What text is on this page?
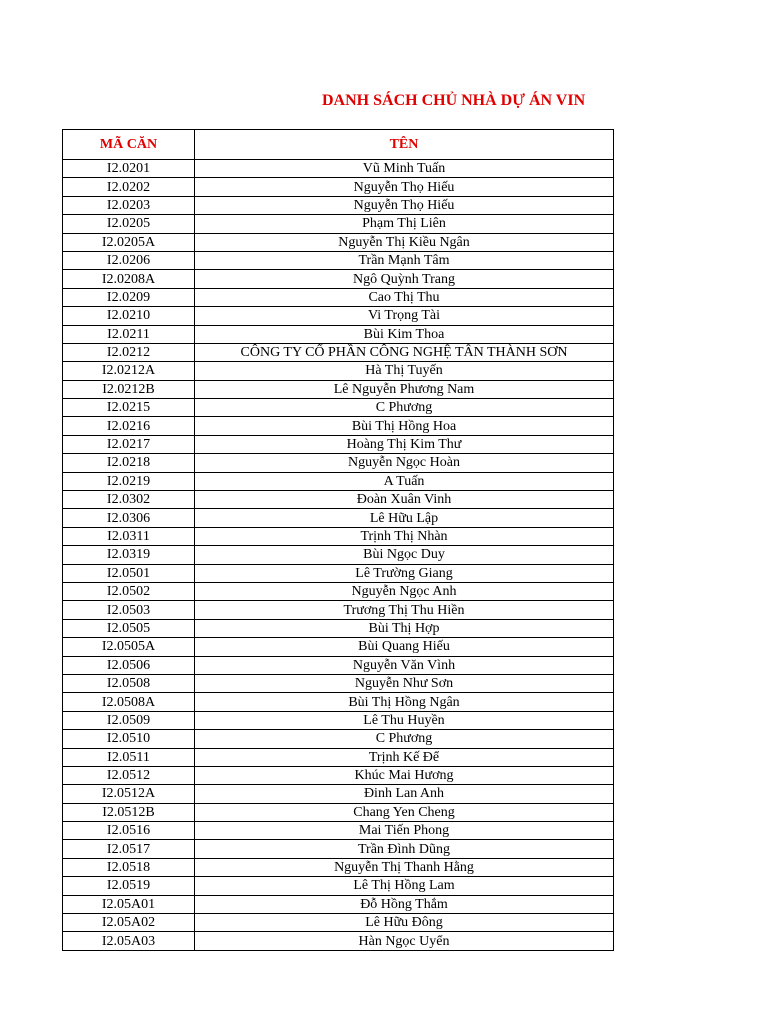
DANH SÁCH CHỦ NHÀ DỰ ÁN VIN
MÃ CĂN	TÊN
I2.0201	Vũ Minh Tuấn
I2.0202	Nguyễn Thọ Hiếu
I2.0203	Nguyễn Thọ Hiếu
I2.0205	Phạm Thị Liên
I2.0205A	Nguyễn Thị Kiều Ngân
I2.0206	Trần Mạnh Tâm
I2.0208A	Ngô Quỳnh Trang
I2.0209	Cao Thị Thu
I2.0210	Vi Trọng Tài
I2.0211	Bùi Kim Thoa
I2.0212	CÔNG TY CỔ PHẦN CÔNG NGHỆ TÂN THÀNH SƠN
I2.0212A	Hà Thị Tuyến
I2.0212B	Lê Nguyễn Phương Nam
I2.0215	C Phương
I2.0216	Bùi Thị Hồng Hoa
I2.0217	Hoàng Thị Kim Thư
I2.0218	Nguyễn Ngọc Hoàn
I2.0219	A Tuấn
I2.0302	Đoàn Xuân Vinh
I2.0306	Lê Hữu Lập
I2.0311	Trịnh Thị Nhàn
I2.0319	Bùi Ngọc Duy
I2.0501	Lê Trường Giang
I2.0502	Nguyễn Ngọc Anh
I2.0503	Trương Thị Thu Hiền
I2.0505	Bùi Thị Hợp
I2.0505A	Bùi Quang Hiếu
I2.0506	Nguyễn Văn Vình
I2.0508	Nguyễn Như Sơn
I2.0508A	Bùi Thị Hồng Ngân
I2.0509	Lê Thu Huyền
I2.0510	C Phương
I2.0511	Trịnh Kế Để
I2.0512	Khúc Mai Hương
I2.0512A	Đinh Lan Anh
I2.0512B	Chang Yen Cheng
I2.0516	Mai Tiến Phong
I2.0517	Trần Đình Dũng
I2.0518	Nguyễn Thị Thanh Hằng
I2.0519	Lê Thị Hồng Lam
I2.05A01	Đỗ Hồng Thắm
I2.05A02	Lê Hữu Đông
I2.05A03	Hàn Ngọc Uyển
